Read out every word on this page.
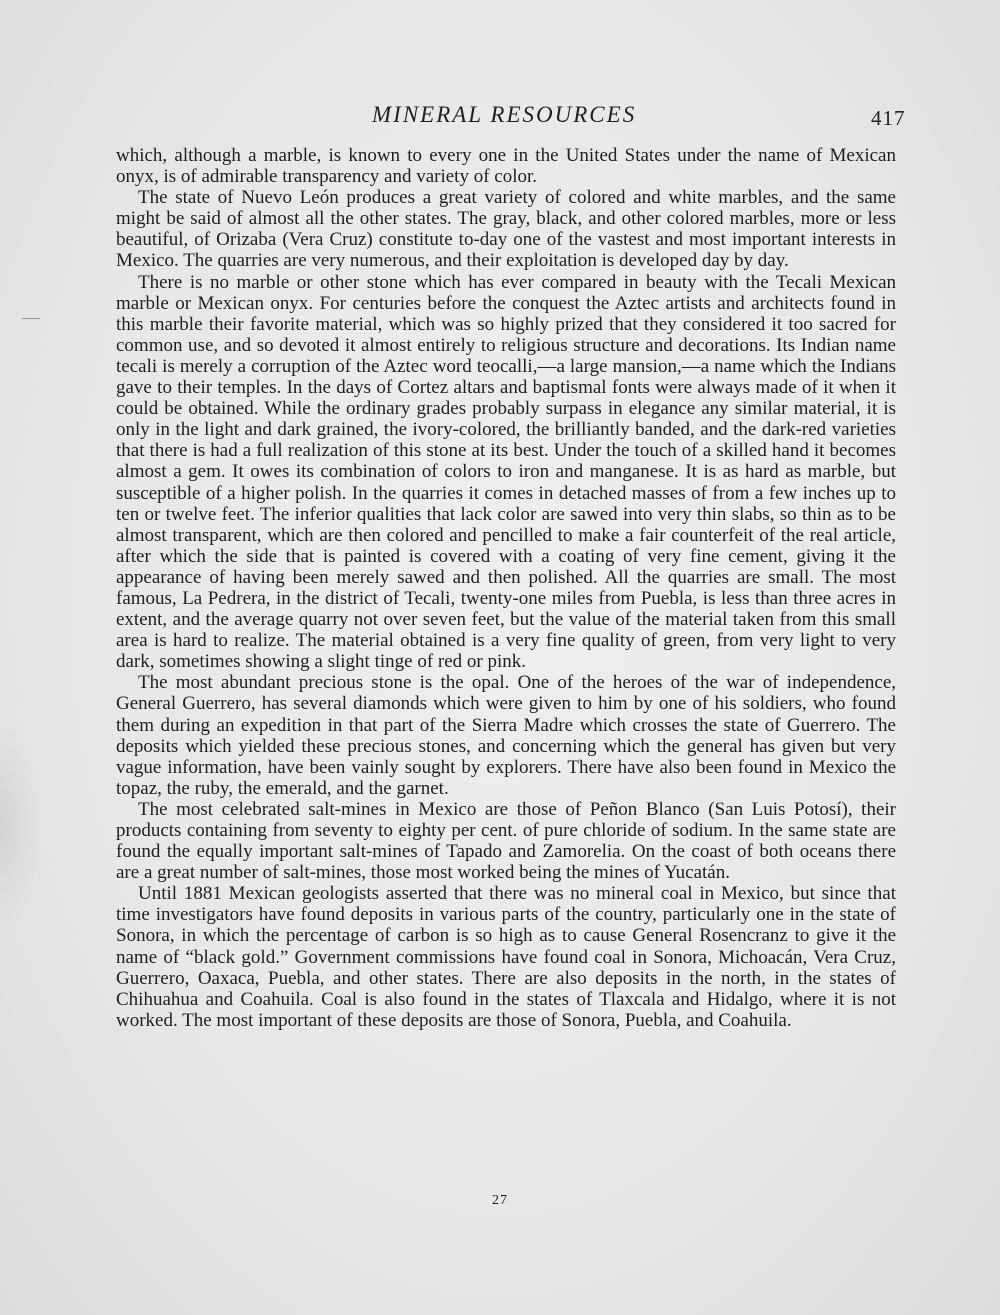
MINERAL RESOURCES	417

which, although a marble, is known to every one in the United States under the name of Mexican onyx, is of admirable transparency and variety of color.

The state of Nuevo León produces a great variety of colored and white marbles, and the same might be said of almost all the other states. The gray, black, and other colored marbles, more or less beautiful, of Orizaba (Vera Cruz) constitute to-day one of the vastest and most important interests in Mexico. The quarries are very numerous, and their exploitation is developed day by day.

There is no marble or other stone which has ever compared in beauty with the Tecali Mexican marble or Mexican onyx. For centuries before the conquest the Aztec artists and architects found in this marble their favorite material, which was so highly prized that they considered it too sacred for common use, and so devoted it almost entirely to religious structure and decorations. Its Indian name tecali is merely a corruption of the Aztec word teocalli,—a large mansion,—a name which the Indians gave to their temples. In the days of Cortez altars and baptismal fonts were always made of it when it could be obtained. While the ordinary grades probably surpass in elegance any similar material, it is only in the light and dark grained, the ivory-colored, the brilliantly banded, and the dark-red varieties that there is had a full realization of this stone at its best. Under the touch of a skilled hand it becomes almost a gem. It owes its combination of colors to iron and manganese. It is as hard as marble, but susceptible of a higher polish. In the quarries it comes in detached masses of from a few inches up to ten or twelve feet. The inferior qualities that lack color are sawed into very thin slabs, so thin as to be almost transparent, which are then colored and pencilled to make a fair counterfeit of the real article, after which the side that is painted is covered with a coating of very fine cement, giving it the appearance of having been merely sawed and then polished. All the quarries are small. The most famous, La Pedrera, in the district of Tecali, twenty-one miles from Puebla, is less than three acres in extent, and the average quarry not over seven feet, but the value of the material taken from this small area is hard to realize. The material obtained is a very fine quality of green, from very light to very dark, sometimes showing a slight tinge of red or pink.

The most abundant precious stone is the opal. One of the heroes of the war of independence, General Guerrero, has several diamonds which were given to him by one of his soldiers, who found them during an expedition in that part of the Sierra Madre which crosses the state of Guerrero. The deposits which yielded these precious stones, and concerning which the general has given but very vague information, have been vainly sought by explorers. There have also been found in Mexico the topaz, the ruby, the emerald, and the garnet.

The most celebrated salt-mines in Mexico are those of Peñon Blanco (San Luis Potosí), their products containing from seventy to eighty per cent. of pure chloride of sodium. In the same state are found the equally important salt-mines of Tapado and Zamorelia. On the coast of both oceans there are a great number of salt-mines, those most worked being the mines of Yucatán.

Until 1881 Mexican geologists asserted that there was no mineral coal in Mexico, but since that time investigators have found deposits in various parts of the country, particularly one in the state of Sonora, in which the percentage of carbon is so high as to cause General Rosencranz to give it the name of “black gold.” Government commissions have found coal in Sonora, Michoacán, Vera Cruz, Guerrero, Oaxaca, Puebla, and other states. There are also deposits in the north, in the states of Chihuahua and Coahuila. Coal is also found in the states of Tlaxcala and Hidalgo, where it is not worked. The most important of these deposits are those of Sonora, Puebla, and Coahuila.

27
